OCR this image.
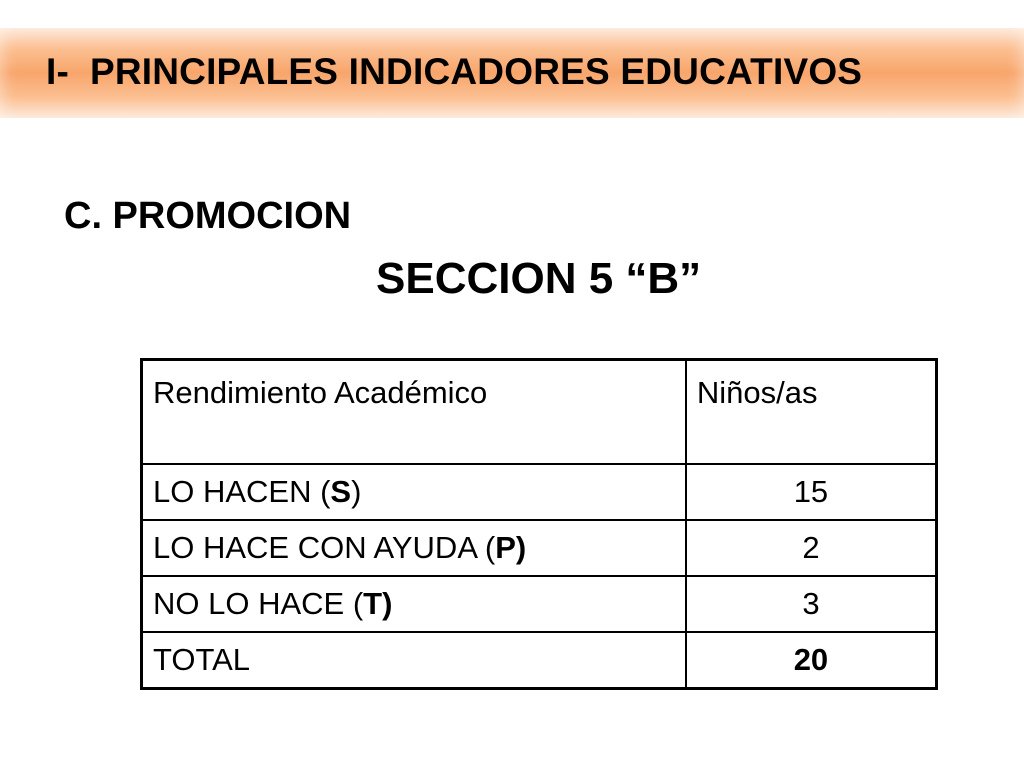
I-  PRINCIPALES INDICADORES EDUCATIVOS
C. PROMOCION
SECCION 5 “B”
Rendimiento Académico	Niños/as
LO HACEN (S)	15
LO HACE CON AYUDA (P)	2
NO LO HACE (T)	3
TOTAL	20
